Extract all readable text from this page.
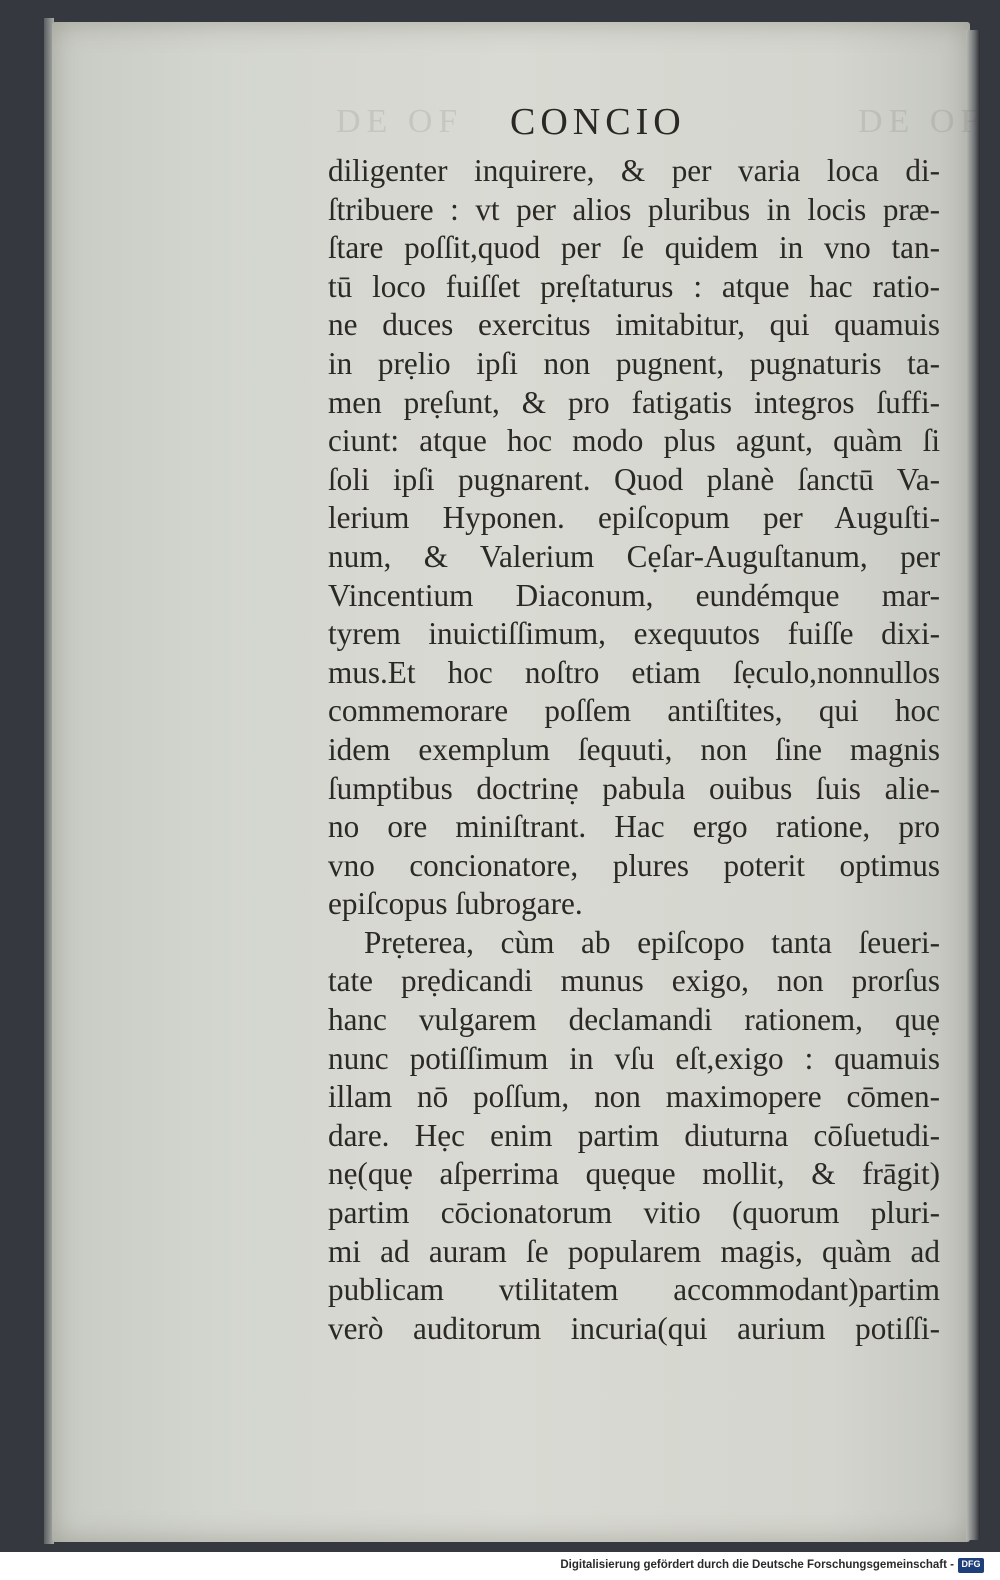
DE OF	DE OF
CONCIO
diligenter inquirere, & per varia loca di-
ſtribuere : vt per alios pluribus in locis præ-
ſtare poſſit,quod per ſe quidem in vno tan-
tū loco fuiſſet prẹſtaturus : atque hac ratio-
ne duces exercitus imitabitur, qui quamuis
in prẹlio ipſi non pugnent, pugnaturis ta-
men prẹſunt, & pro fatigatis integros ſuffi-
ciunt: atque hoc modo plus agunt, quàm ſi
ſoli ipſi pugnarent. Quod planè ſanctū Va-
lerium Hyponen. epiſcopum per Auguſti-
num, & Valerium Cẹſar-Auguſtanum, per
Vincentium Diaconum, eundémque mar-
tyrem inuictiſſimum, exequutos fuiſſe dixi-
mus.Et hoc noſtro etiam ſẹculo,nonnullos
commemorare poſſem antiſtites, qui hoc
idem exemplum ſequuti, non ſine magnis
ſumptibus doctrinẹ pabula ouibus ſuis alie-
no ore miniſtrant. Hac ergo ratione, pro
vno concionatore, plures poterit optimus
epiſcopus ſubrogare.
Prẹterea, cùm ab epiſcopo tanta ſeueri-
tate prẹdicandi munus exigo, non prorſus
hanc vulgarem declamandi rationem, quẹ
nunc potiſſimum in vſu eſt,exigo : quamuis
illam nō poſſum, non maximopere cōmen-
dare. Hẹc enim partim diuturna cōſuetudi-
nẹ(quẹ aſperrima quẹque mollit, & frāgit)
partim cōcionatorum vitio (quorum pluri-
mi ad auram ſe popularem magis, quàm ad
publicam vtilitatem accommodant)partim
verò auditorum incuria(qui aurium potiſſi-
Digitalisierung gefördert durch die Deutsche Forschungsgemeinschaft - DFG
